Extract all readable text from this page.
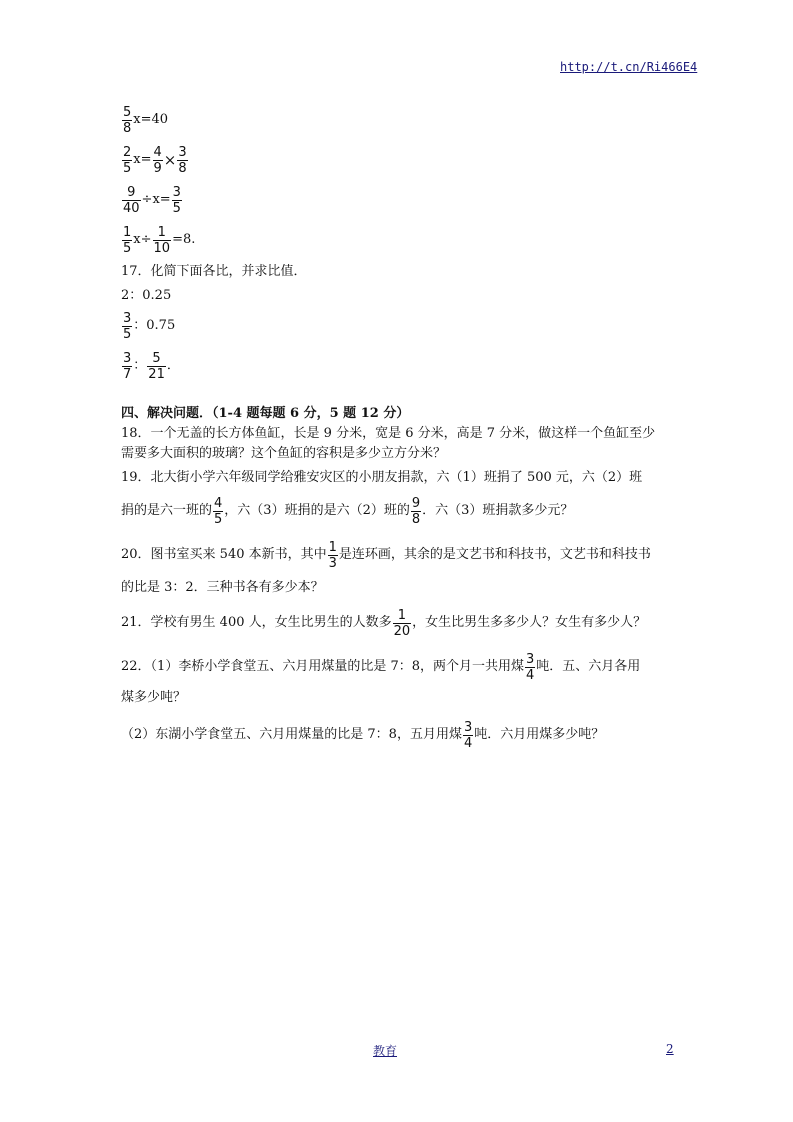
http://t.cn/Ri466E4
$\frac{5}{8} x=40$
$\frac{2}{5} x= \frac{4}{9} \times \frac{3}{8}$
$\frac{9}{40} \div x= \frac{3}{5}$
$\frac{1}{5} x\div \frac{1}{10} =8$.
17．化简下面各比，并求比值．
2：0.25
$\frac{3}{5}$ ：0.75
$\frac{3}{7}$ ： $\frac{5}{21}$ ．
四、解决问题．（1-4 题每题 6 分，5 题 12 分）
18．一个无盖的长方体鱼缸，长是 9 分米，宽是 6 分米，高是 7 分米，做这样一个鱼缸至少
需要多大面积的玻璃？这个鱼缸的容积是多少立方分米？
19．北大街小学六年级同学给雅安灾区的小朋友捐款，六（1）班捐了 500 元，六（2）班
捐的是六一班的 $\frac{4}{5}$ ，六（3）班捐的是六（2）班的 $\frac{9}{8}$ ．六（3）班捐款多少元？
20．图书室买来 540 本新书，其中 $\frac{1}{3}$ 是连环画，其余的是文艺书和科技书，文艺书和科技书
的比是 3：2．三种书各有多少本？
21．学校有男生 400 人，女生比男生的人数多 $\frac{1}{20}$ ，女生比男生多多少人？女生有多少人？
22．（1）李桥小学食堂五、六月用煤量的比是 7：8，两个月一共用煤 $\frac{3}{4}$ 吨．五、六月各用
煤多少吨？
（2）东湖小学食堂五、六月用煤量的比是 7：8，五月用煤 $\frac{3}{4}$ 吨．六月用煤多少吨？
教育	2
